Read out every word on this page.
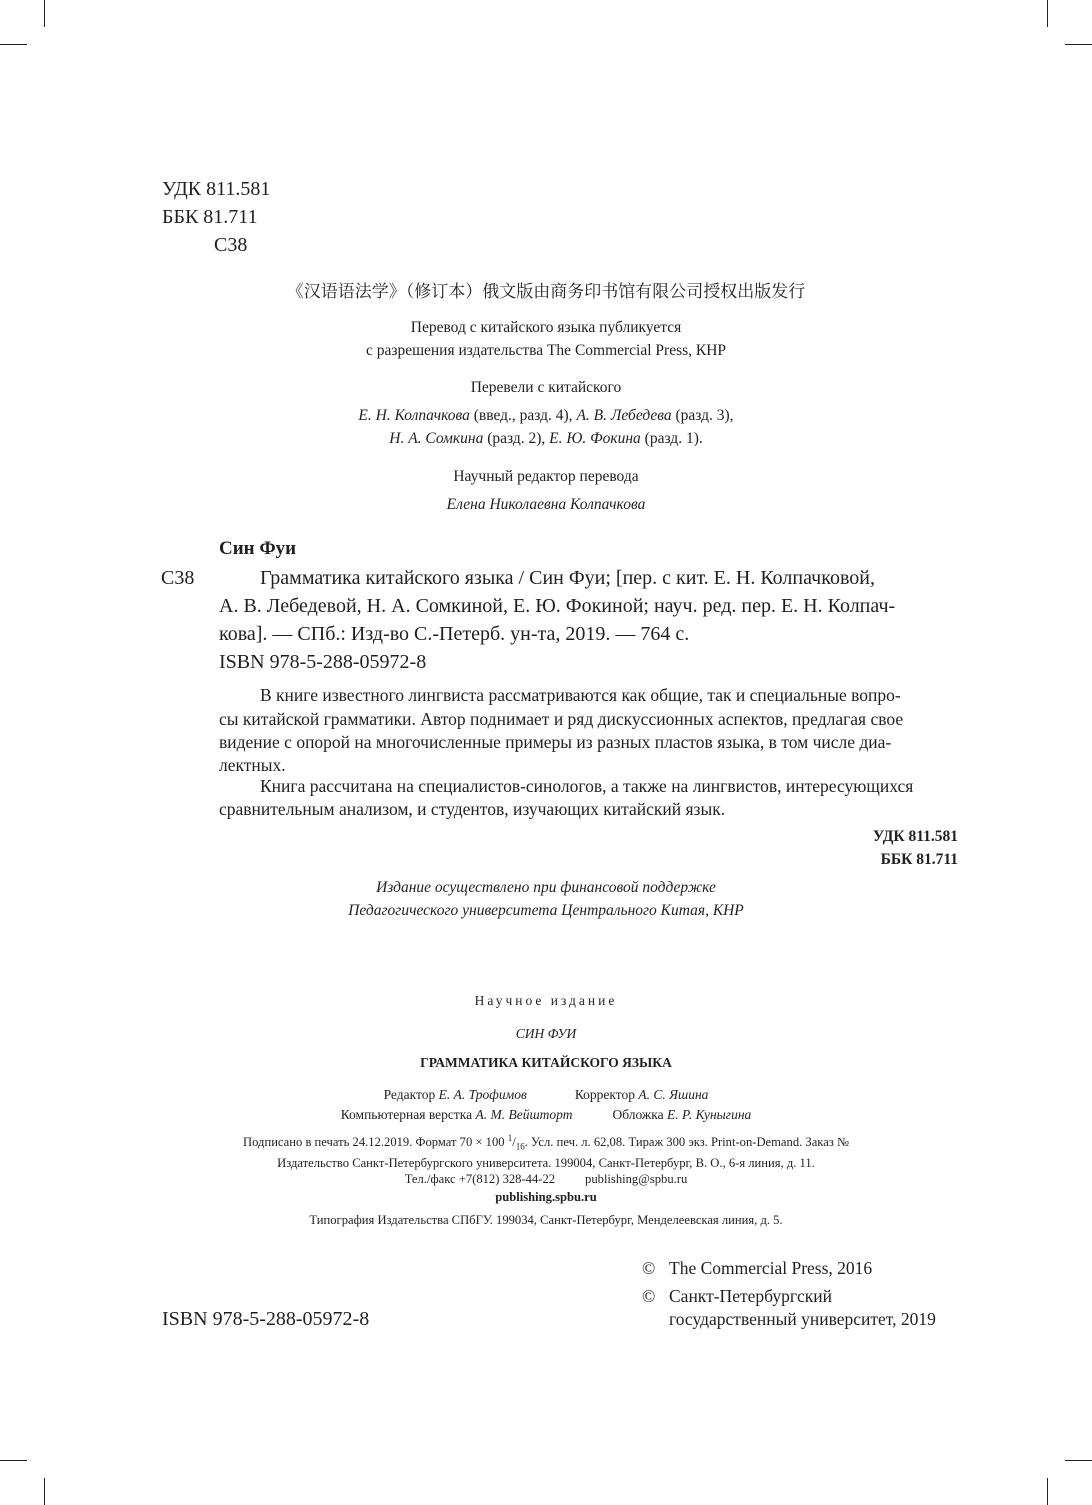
УДК 811.581
ББК 81.711
С38
《汉语语法学》（修订本）俄文版由商务印书馆有限公司授权出版发行
Перевод с китайского языка публикуется
с разрешения издательства The Commercial Press, КНР
Перевели с китайского
Е. Н. Колпачкова (введ., разд. 4), А. В. Лебедева (разд. 3),
Н. А. Сомкина (разд. 2), Е. Ю. Фокина (разд. 1).
Научный редактор перевода
Елена Николаевна Колпачкова
Син Фуи
С38	Грамматика китайского языка / Син Фуи; [пер. с кит. Е. Н. Колпачковой,
А. В. Лебедевой, Н. А. Сомкиной, Е. Ю. Фокиной; науч. ред. пер. Е. Н. Колпач-
кова]. — СПб.: Изд-во С.-Петерб. ун-та, 2019. — 764 с.
ISBN 978-5-288-05972-8
В книге известного лингвиста рассматриваются как общие, так и специальные вопро-
сы китайской грамматики. Автор поднимает и ряд дискуссионных аспектов, предлагая свое
видение с опорой на многочисленные примеры из разных пластов языка, в том числе диа-
лектных.
Книга рассчитана на специалистов-синологов, а также на лингвистов, интересующихся
сравнительным анализом, и студентов, изучающих китайский язык.
УДК 811.581
ББК 81.711
Издание осуществлено при финансовой поддержке
Педагогического университета Центрального Китая, КНР
Научное издание
СИН ФУИ
ГРАММАТИКА КИТАЙСКОГО ЯЗЫКА
Редактор Е. А. Трофимов	Корректор А. С. Яшина
Компьютерная верстка А. М. Вейшторт	Обложка Е. Р. Куныгина
Подписано в печать 24.12.2019. Формат 70 × 100 $^1/_{16}$. Усл. печ. л. 62,08. Тираж 300 экз. Print-on-Demand. Заказ №
Издательство Санкт-Петербургского университета. 199004, Санкт-Петербург, В. О., 6-я линия, д. 11.
Тел./факс +7(812) 328-44-22 publishing@spbu.ru
publishing.spbu.ru
Типография Издательства СПбГУ. 199034, Санкт-Петербург, Менделеевская линия, д. 5.
© The Commercial Press, 2016
© Санкт-Петербургский
государственный университет, 2019
ISBN 978-5-288-05972-8
